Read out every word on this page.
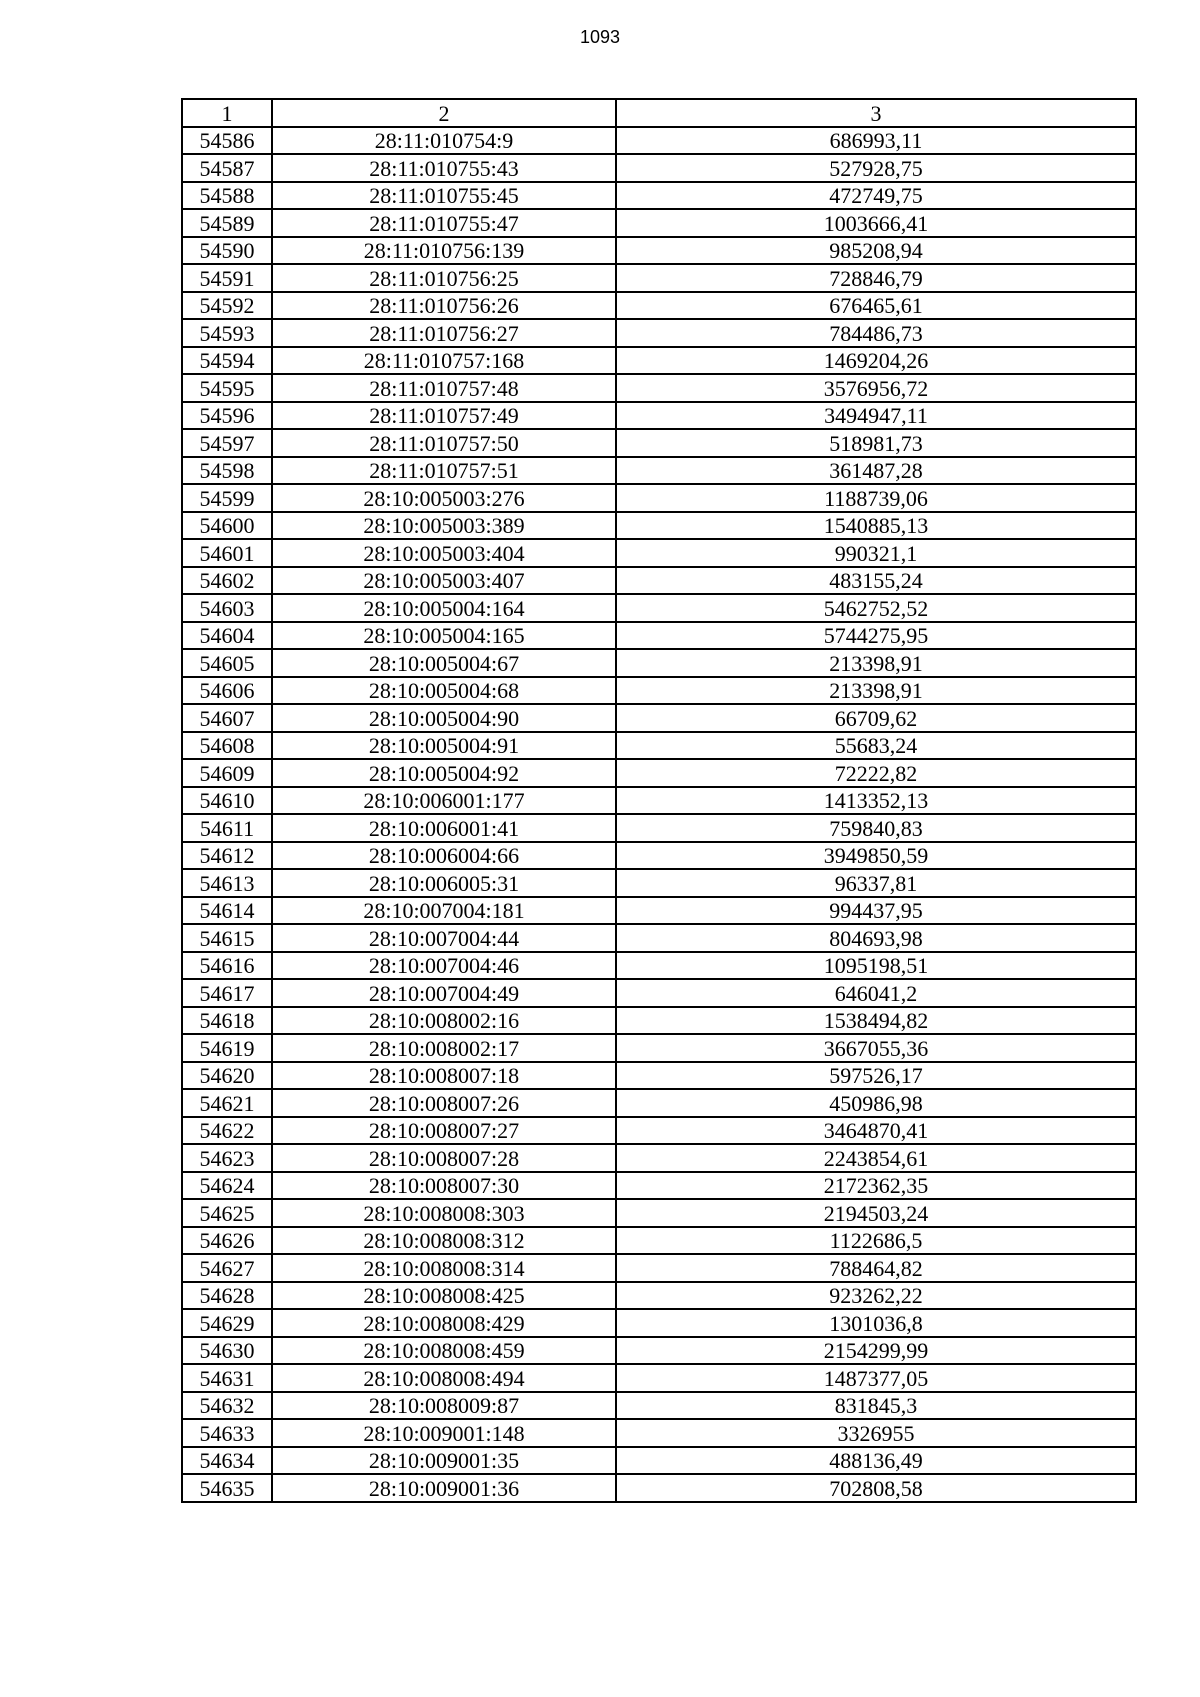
1093
1	2	3
54586	28:11:010754:9	686993,11
54587	28:11:010755:43	527928,75
54588	28:11:010755:45	472749,75
54589	28:11:010755:47	1003666,41
54590	28:11:010756:139	985208,94
54591	28:11:010756:25	728846,79
54592	28:11:010756:26	676465,61
54593	28:11:010756:27	784486,73
54594	28:11:010757:168	1469204,26
54595	28:11:010757:48	3576956,72
54596	28:11:010757:49	3494947,11
54597	28:11:010757:50	518981,73
54598	28:11:010757:51	361487,28
54599	28:10:005003:276	1188739,06
54600	28:10:005003:389	1540885,13
54601	28:10:005003:404	990321,1
54602	28:10:005003:407	483155,24
54603	28:10:005004:164	5462752,52
54604	28:10:005004:165	5744275,95
54605	28:10:005004:67	213398,91
54606	28:10:005004:68	213398,91
54607	28:10:005004:90	66709,62
54608	28:10:005004:91	55683,24
54609	28:10:005004:92	72222,82
54610	28:10:006001:177	1413352,13
54611	28:10:006001:41	759840,83
54612	28:10:006004:66	3949850,59
54613	28:10:006005:31	96337,81
54614	28:10:007004:181	994437,95
54615	28:10:007004:44	804693,98
54616	28:10:007004:46	1095198,51
54617	28:10:007004:49	646041,2
54618	28:10:008002:16	1538494,82
54619	28:10:008002:17	3667055,36
54620	28:10:008007:18	597526,17
54621	28:10:008007:26	450986,98
54622	28:10:008007:27	3464870,41
54623	28:10:008007:28	2243854,61
54624	28:10:008007:30	2172362,35
54625	28:10:008008:303	2194503,24
54626	28:10:008008:312	1122686,5
54627	28:10:008008:314	788464,82
54628	28:10:008008:425	923262,22
54629	28:10:008008:429	1301036,8
54630	28:10:008008:459	2154299,99
54631	28:10:008008:494	1487377,05
54632	28:10:008009:87	831845,3
54633	28:10:009001:148	3326955
54634	28:10:009001:35	488136,49
54635	28:10:009001:36	702808,58
